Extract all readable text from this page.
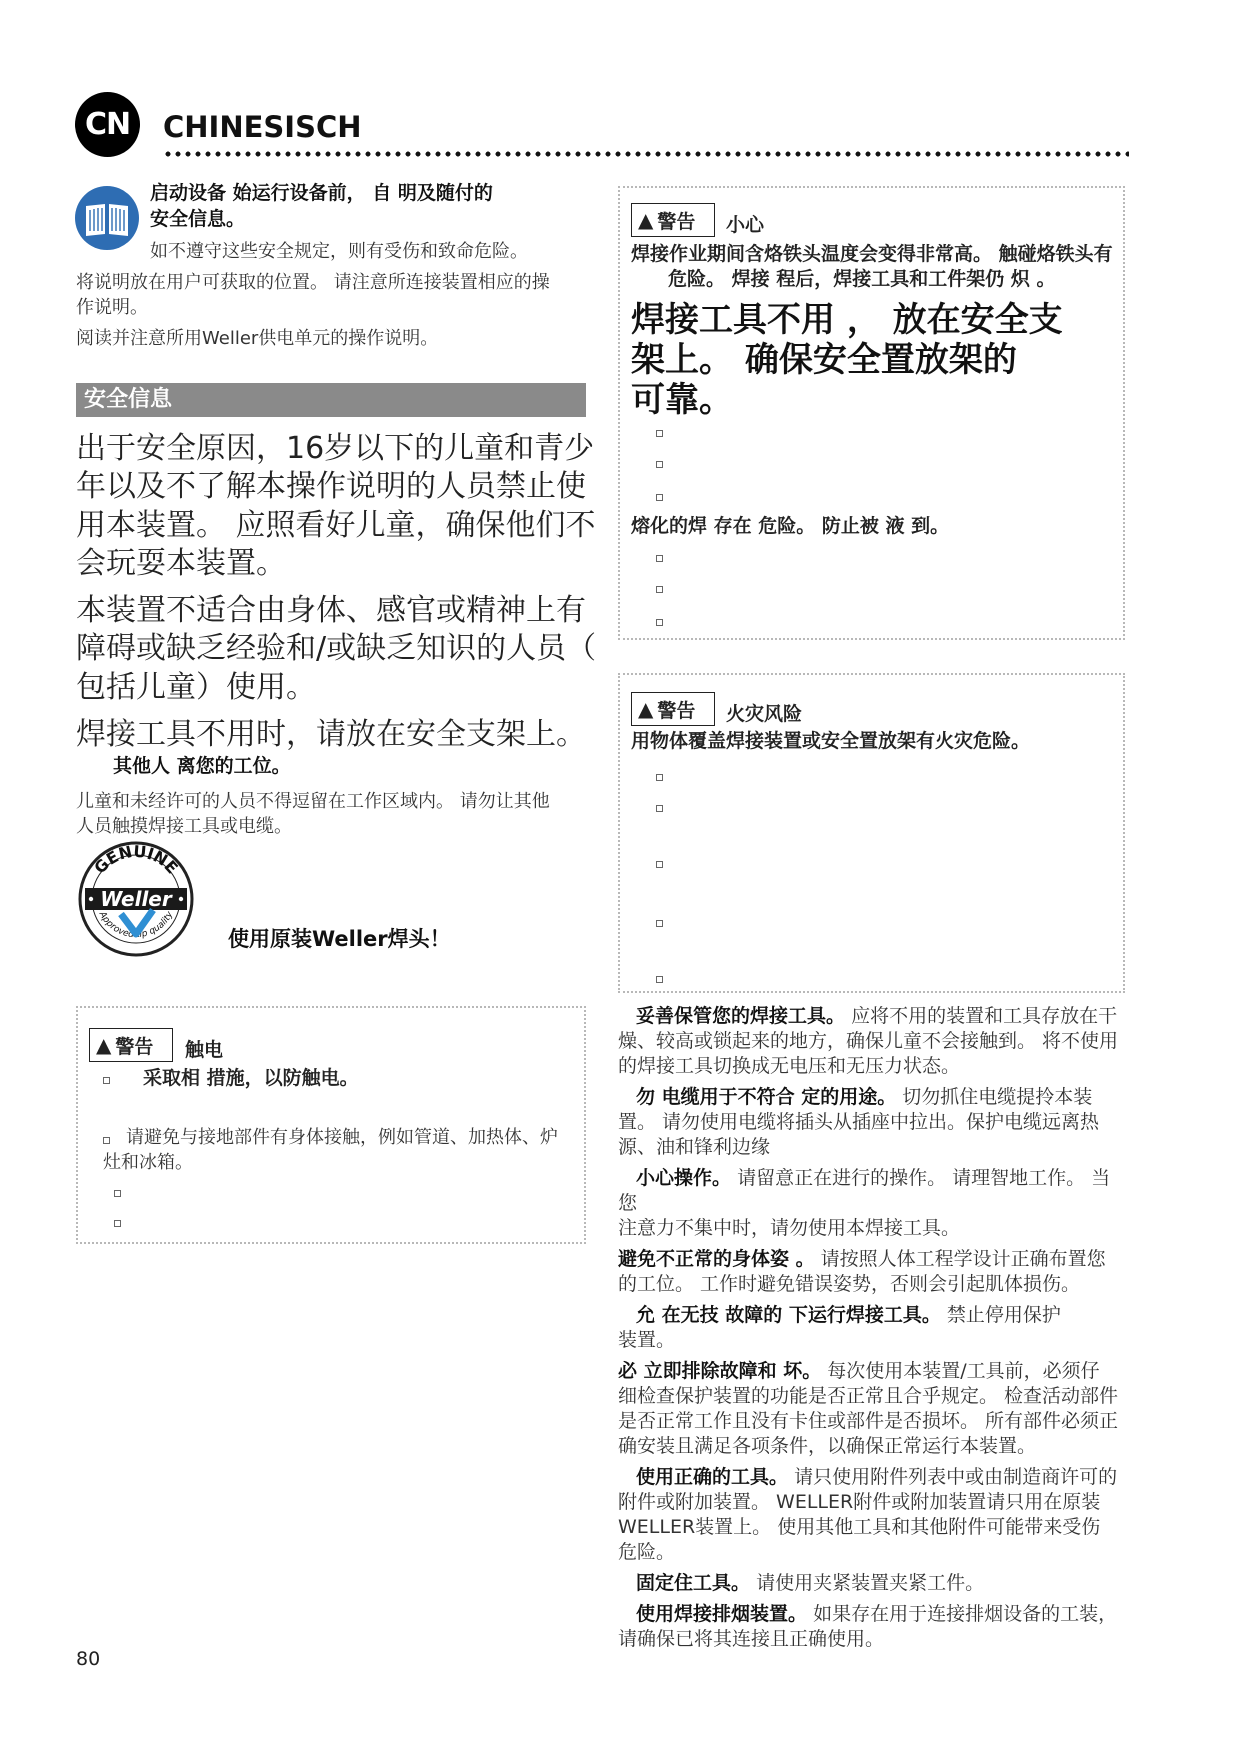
CN	CHINESISCH
启动设备 始运行设备前， 自 明及随付的
安全信息。
如不遵守这些安全规定，则有受伤和致命危险。
将说明放在用户可获取的位置。 请注意所连接装置相应的操
作说明。
阅读并注意所用Weller供电单元的操作说明。
安全信息
出于安全原因，16岁以下的儿童和青少
年以及不了解本操作说明的人员禁止使
用本装置。 应照看好儿童，确保他们不
会玩耍本装置。
本装置不适合由身体、感官或精神上有
障碍或缺乏经验和/或缺乏知识的人员（
包括儿童）使用。
焊接工具不用时，请放在安全支架上。
其他人 离您的工位。
儿童和未经许可的人员不得逗留在工作区域内。 请勿让其他
人员触摸焊接工具或电缆。
GENUINE
Approved tip quality
Weller
使用原装Weller焊头！
▲ 警告 触电
采取相 措施，以防触电。
请避免与接地部件有身体接触，例如管道、加热体、炉
灶和冰箱。
▲ 警告 小心
焊接作业期间含烙铁头温度会变得非常高。 触碰烙铁头有
危险。 焊接 程后，焊接工具和工件架仍 炽 。
焊接工具不用 ， 放在安全支
架上。 确保安全置放架的
可靠。
熔化的焊 存在 危险。 防止被 液 到。
▲ 警告 火灾风险
用物体覆盖焊接装置或安全置放架有火灾危险。
妥善保管您的焊接工具。 应将不用的装置和工具存放在干
燥、较高或锁起来的地方，确保儿童不会接触到。 将不使用
的焊接工具切换成无电压和无压力状态。
勿 电缆用于不符合 定的用途。 切勿抓住电缆提拎本装
置。 请勿使用电缆将插头从插座中拉出。保护电缆远离热
源、油和锋利边缘
小心操作。 请留意正在进行的操作。 请理智地工作。 当您
注意力不集中时，请勿使用本焊接工具。
避免不正常的身体姿 。 请按照人体工程学设计正确布置您
的工位。 工作时避免错误姿势，否则会引起肌体损伤。
允 在无技 故障的 下运行焊接工具。 禁止停用保护
装置。
必 立即排除故障和 坏。 每次使用本装置/工具前，必须仔
细检查保护装置的功能是否正常且合乎规定。 检查活动部件
是否正常工作且没有卡住或部件是否损坏。 所有部件必须正
确安装且满足各项条件，以确保正常运行本装置。
使用正确的工具。 请只使用附件列表中或由制造商许可的
附件或附加装置。 WELLER附件或附加装置请只用在原装
WELLER装置上。 使用其他工具和其他附件可能带来受伤
危险。
固定住工具。 请使用夹紧装置夹紧工件。
使用焊接排烟装置。 如果存在用于连接排烟设备的工装，
请确保已将其连接且正确使用。
80
